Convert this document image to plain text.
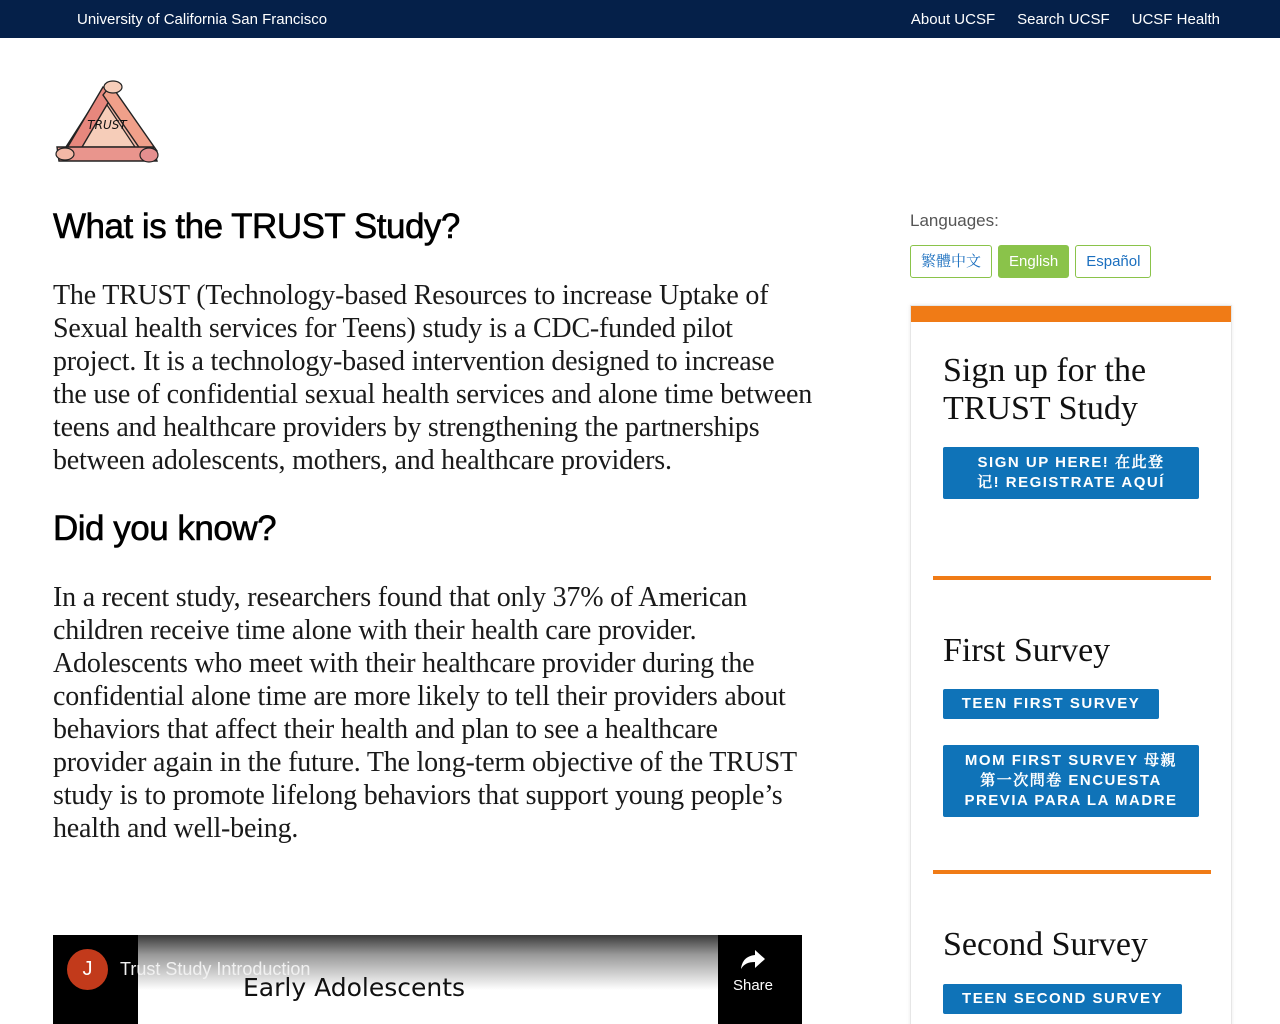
University of California San Francisco	About UCSF Search UCSF UCSF Health
TRUST
What is the TRUST Study?

The TRUST (Technology-based Resources to increase Uptake of Sexual health services for Teens) study is a CDC-funded pilot project. It is a technology-based intervention designed to increase the use of confidential sexual health services and alone time between teens and healthcare providers by strengthening the partnerships between adolescents, mothers, and healthcare providers.

Did you know?

In a recent study, researchers found that only 37% of American children receive time alone with their health care provider. Adolescents who meet with their healthcare provider during the confidential alone time are more likely to tell their providers about behaviors that affect their health and plan to see a healthcare provider again in the future. The long-term objective of the TRUST study is to promote lifelong behaviors that support young people’s health and well-being.

Early Adolescents
J	Trust Study Introduction
Share
Languages:
繁體中文	English	Español
Sign up for the TRUST Study
SIGN UP HERE! 在此登记! REGISTRATE AQUÍ
First Survey
TEEN FIRST SURVEY
MOM FIRST SURVEY 母親第一次問卷 ENCUESTA PREVIA PARA LA MADRE
Second Survey
TEEN SECOND SURVEY
